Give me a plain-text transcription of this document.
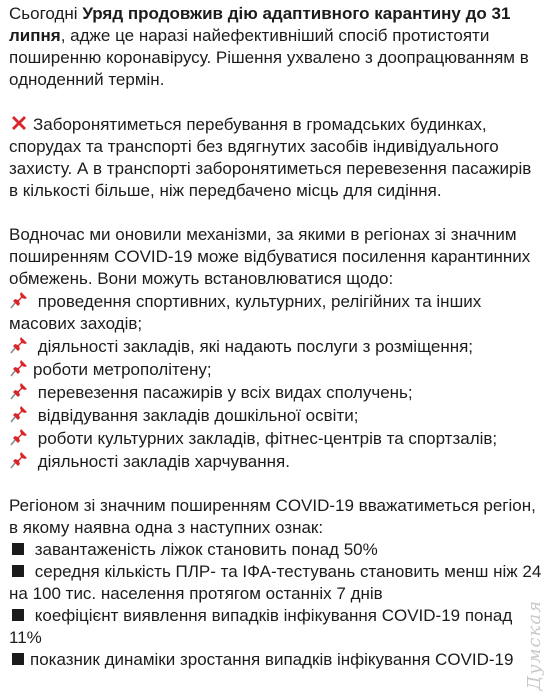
Сьогодні Уряд продовжив дію адаптивного карантину до 31 липня, адже це наразі найефективніший спосіб протистояти поширенню коронавірусу. Рішення ухвалено з доопрацюванням в одноденний термін.

Заборонятиметься перебування в громадських будинках, спорудах та транспорті без вдягнутих засобів індивідуального захисту. А в транспорті заборонятиметься перевезення пасажирів в кількості більше, ніж передбачено місць для сидіння.

Водночас ми оновили механізми, за якими в регіонах зі значним поширенням COVID-19 може відбуватися посилення карантинних обмежень. Вони можуть встановлюватися щодо:

проведення спортивних, культурних, релігійних та інших масових заходів;
діяльності закладів, які надають послуги з розміщення;
роботи метрополітену;
перевезення пасажирів у всіх видах сполучень;
відвідування закладів дошкільної освіти;
роботи культурних закладів, фітнес-центрів та спортзалів;
діяльності закладів харчування.

Регіоном зі значним поширенням COVID-19 вважатиметься регіон, в якому наявна одна з наступних ознак:

завантаженість ліжок становить понад 50%
середня кількість ПЛР- та ІФА-тестувань становить менш ніж 24 на 100 тис. населення протягом останніх 7 днів
коефіцієнт виявлення випадків інфікування COVID-19 понад 11%
показник динаміки зростання випадків інфікування COVID-19 Думская
